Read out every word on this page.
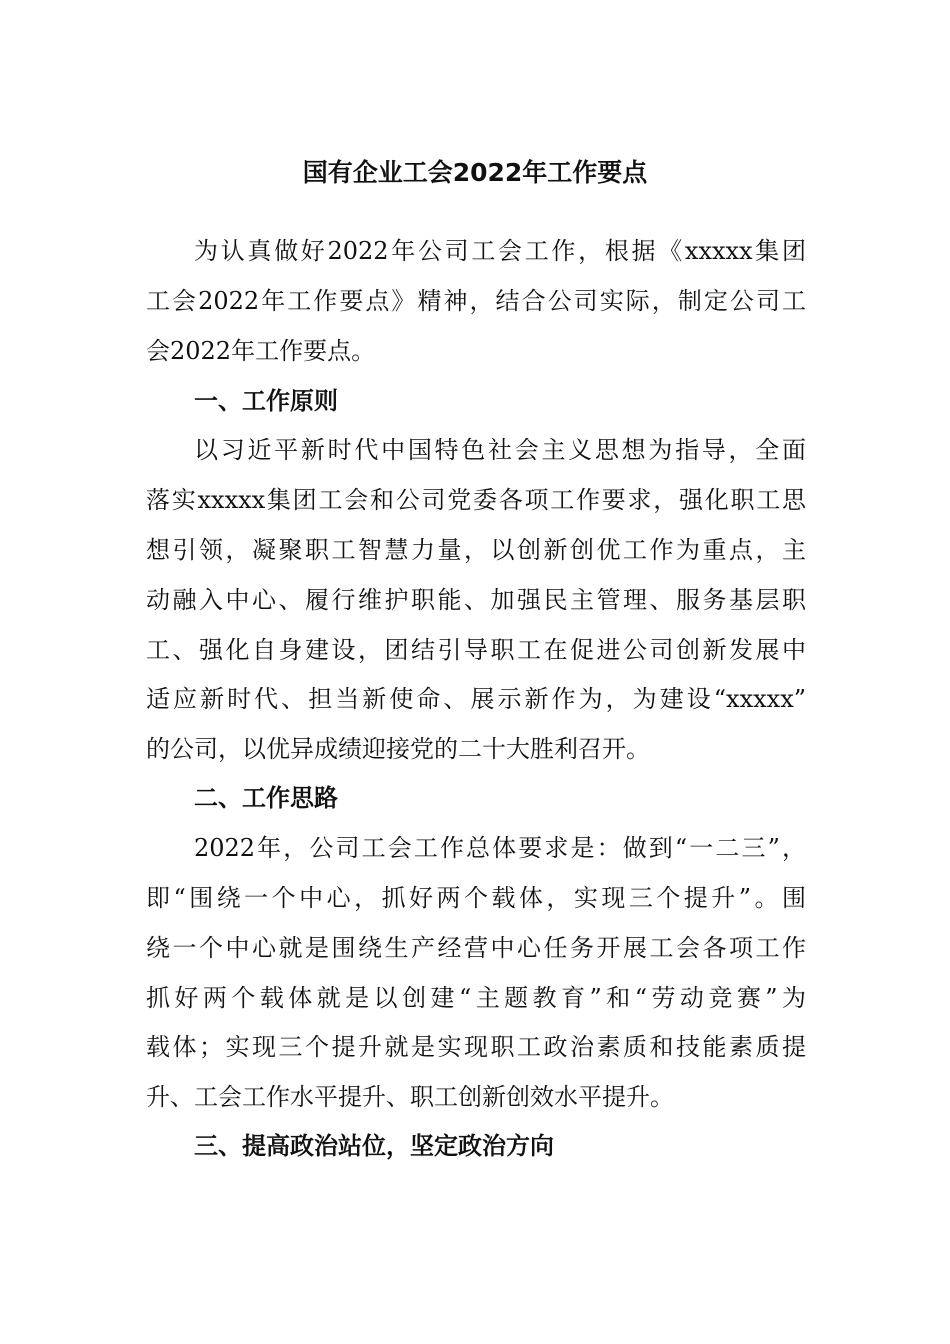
国有企业工会2022年工作要点
为认真做好2022年公司工会工作，根据《xxxxx集团
工会2022年工作要点》精神，结合公司实际，制定公司工
会2022年工作要点。
一、工作原则
以习近平新时代中国特色社会主义思想为指导，全面
落实xxxxx集团工会和公司党委各项工作要求，强化职工思
想引领，凝聚职工智慧力量，以创新创优工作为重点，主
动融入中心、履行维护职能、加强民主管理、服务基层职
工、强化自身建设，团结引导职工在促进公司创新发展中
适应新时代、担当新使命、展示新作为，为建设“xxxxx”
的公司，以优异成绩迎接党的二十大胜利召开。
二、工作思路
2022年，公司工会工作总体要求是：做到“一二三”，
即“围绕一个中心，抓好两个载体，实现三个提升”。围
绕一个中心就是围绕生产经营中心任务开展工会各项工作
抓好两个载体就是以创建“主题教育”和“劳动竞赛”为
载体；实现三个提升就是实现职工政治素质和技能素质提
升、工会工作水平提升、职工创新创效水平提升。
三、提高政治站位，坚定政治方向
